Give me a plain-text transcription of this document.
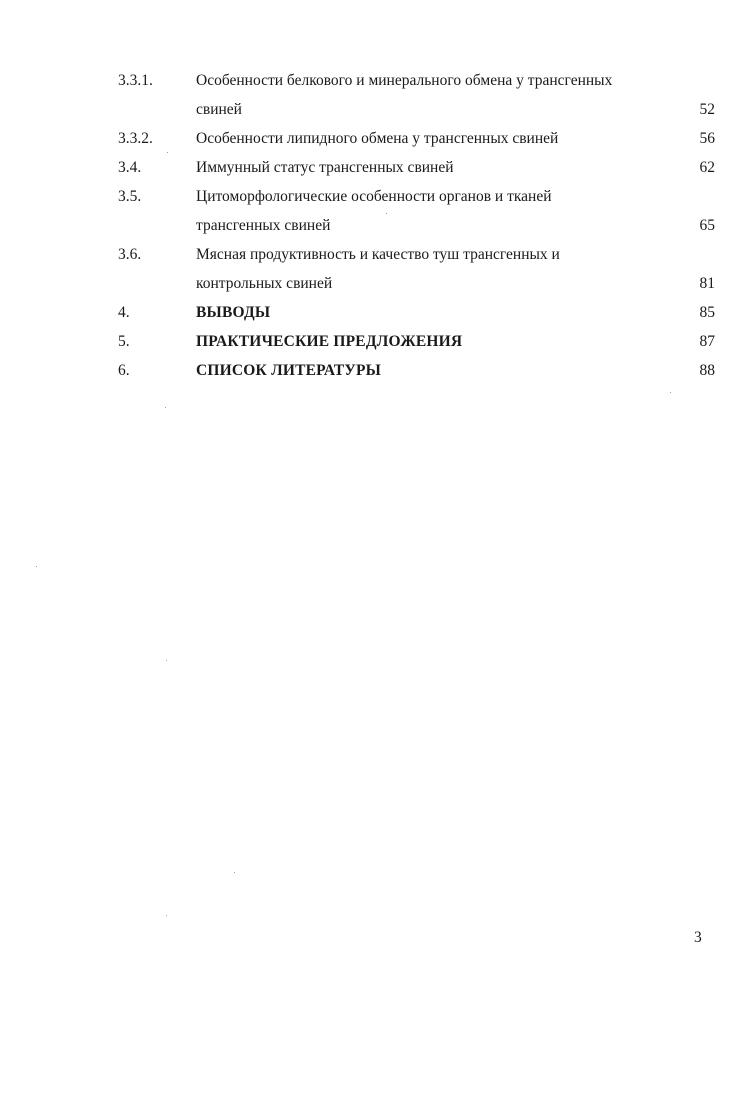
3.3.1.	Особенности белкового и минерального обмена у трансгенных
свиней	52
3.3.2.	Особенности липидного обмена у трансгенных свиней	56
3.4.	Иммунный статус трансгенных свиней	62
3.5.	Цитоморфологические особенности органов и тканей
трансгенных свиней	65
3.6.	Мясная продуктивность и качество туш трансгенных и
контрольных свиней	81
4.	ВЫВОДЫ	85
5.	ПРАКТИЧЕСКИЕ ПРЕДЛОЖЕНИЯ	87
6.	СПИСОК ЛИТЕРАТУРЫ	88
3
